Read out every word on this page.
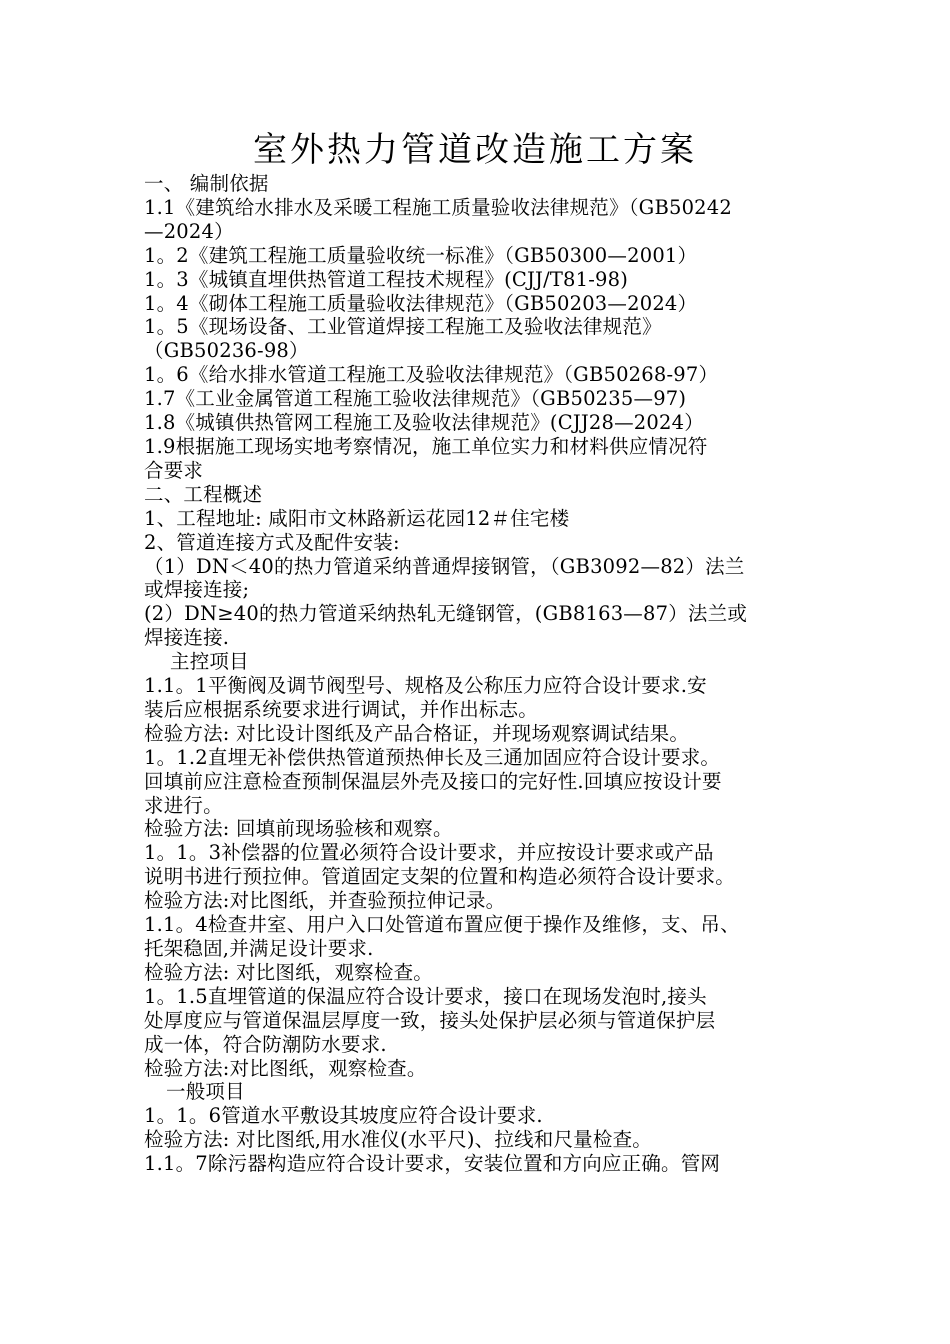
室外热力管道改造施工方案
一、 编制依据
1.1《建筑给水排水及采暖工程施工质量验收法律规范》（GB50242
—2024）
1。2《建筑工程施工质量验收统一标准》（GB50300—2001）
1。3《城镇直埋供热管道工程技术规程》(CJJ/T81-98)
1。4《砌体工程施工质量验收法律规范》（GB50203—2024）
1。5《现场设备、工业管道焊接工程施工及验收法律规范》
（GB50236-98）
1。6《给水排水管道工程施工及验收法律规范》（GB50268-97）
1.7《工业金属管道工程施工验收法律规范》（GB50235—97)
1.8《城镇供热管网工程施工及验收法律规范》(CJJ28—2024）
1.9根据施工现场实地考察情况，施工单位实力和材料供应情况符
合要求
二、工程概述
1、工程地址: 咸阳市文林路新运花园12＃住宅楼
2、管道连接方式及配件安装:
（1）DN＜40的热力管道采纳普通焊接钢管，（GB3092—82）法兰
或焊接连接;
(2）DN≥40的热力管道采纳热轧无缝钢管，(GB8163—87）法兰或
焊接连接.
主控项目
1.1。1平衡阀及调节阀型号、规格及公称压力应符合设计要求.安
装后应根据系统要求进行调试，并作出标志。
检验方法: 对比设计图纸及产品合格证，并现场观察调试结果。
1。1.2直埋无补偿供热管道预热伸长及三通加固应符合设计要求。
回填前应注意检查预制保温层外壳及接口的完好性.回填应按设计要
求进行。
检验方法: 回填前现场验核和观察。
1。1。3补偿器的位置必须符合设计要求，并应按设计要求或产品
说明书进行预拉伸。管道固定支架的位置和构造必须符合设计要求。
检验方法:对比图纸，并查验预拉伸记录。
1.1。4检查井室、用户入口处管道布置应便于操作及维修，支、吊、
托架稳固,并满足设计要求.
检验方法: 对比图纸，观察检查。
1。1.5直埋管道的保温应符合设计要求，接口在现场发泡时,接头
处厚度应与管道保温层厚度一致，接头处保护层必须与管道保护层
成一体，符合防潮防水要求.
检验方法:对比图纸，观察检查。
一般项目
1。1。6管道水平敷设其坡度应符合设计要求.
检验方法: 对比图纸,用水准仪(水平尺)、拉线和尺量检查。
1.1。7除污器构造应符合设计要求，安装位置和方向应正确。管网
